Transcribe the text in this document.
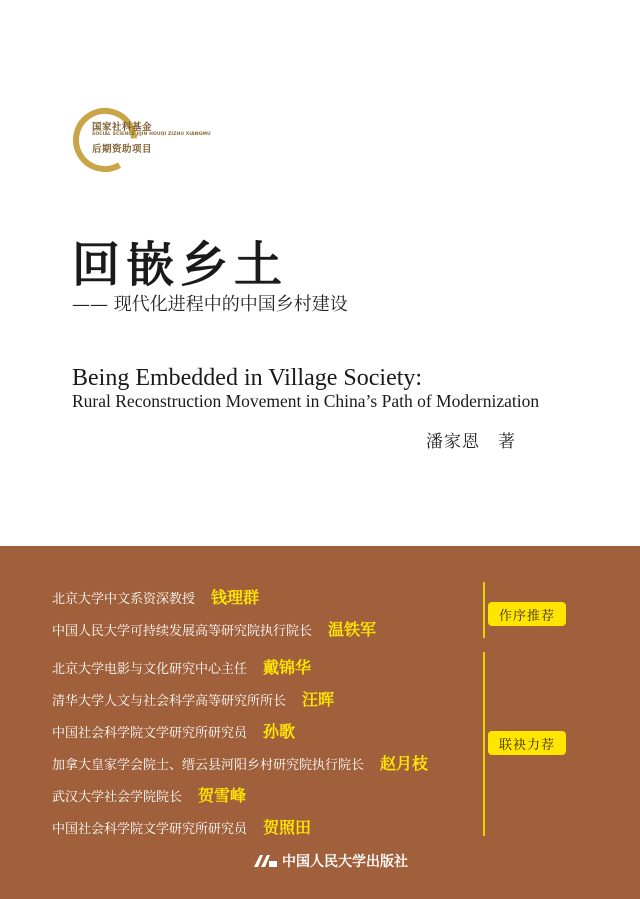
国家社科基金
SOCIAL SCIENCE JIJIN HOUQI ZIZHU XIANGMU
后期资助项目
回嵌乡土
—— 现代化进程中的中国乡村建设
Being Embedded in Village Society:
Rural Reconstruction Movement in China’s Path of Modernization
潘家恩　著
北京大学中文系资深教授 钱理群
中国人民大学可持续发展高等研究院执行院长 温铁军
北京大学电影与文化研究中心主任 戴锦华
清华大学人文与社会科学高等研究所所长 汪晖
中国社会科学院文学研究所研究员 孙歌
加拿大皇家学会院士、缙云县河阳乡村研究院执行院长 赵月枝
武汉大学社会学院院长 贺雪峰
中国社会科学院文学研究所研究员 贺照田
作序推荐
联袂力荐
中国人民大学出版社
